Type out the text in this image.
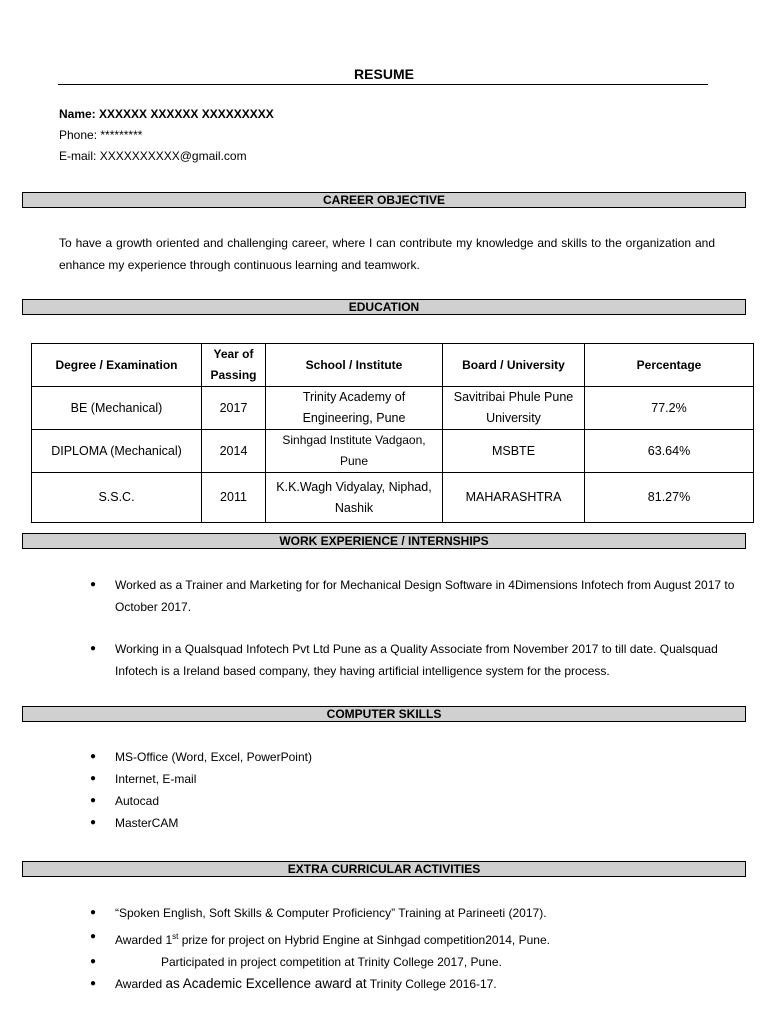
RESUME
Name: XXXXXX XXXXXX XXXXXXXXX
Phone: *********
E-mail: XXXXXXXXXX@gmail.com
CAREER OBJECTIVE
To have a growth oriented and challenging career, where I can contribute my knowledge and skills to the organization and enhance my experience through continuous learning and teamwork.
EDUCATION
Degree / Examination	Year of Passing	School / Institute	Board / University	Percentage
BE (Mechanical)	2017	Trinity Academy of Engineering, Pune	Savitribai Phule Pune University	77.2%
DIPLOMA (Mechanical)	2014	Sinhgad Institute Vadgaon, Pune	MSBTE	63.64%
S.S.C.	2011	K.K.Wagh Vidyalay, Niphad, Nashik	MAHARASHTRA	81.27%
WORK EXPERIENCE / INTERNSHIPS
● Worked as a Trainer and Marketing for for Mechanical Design Software in 4Dimensions Infotech from August 2017 to October 2017.
● Working in a Qualsquad Infotech Pvt Ltd Pune as a Quality Associate from November 2017 to till date. Qualsquad Infotech is a Ireland based company, they having artificial intelligence system for the process.
COMPUTER SKILLS
● MS-Office (Word, Excel, PowerPoint)
● Internet, E-mail
● Autocad
● MasterCAM
EXTRA CURRICULAR ACTIVITIES
● “Spoken English, Soft Skills & Computer Proficiency” Training at Parineeti (2017).
● Awarded 1st prize for project on Hybrid Engine at Sinhgad competition2014, Pune.
●	Participated in project competition at Trinity College 2017, Pune.
● Awarded as Academic Excellence award at Trinity College 2016-17.
